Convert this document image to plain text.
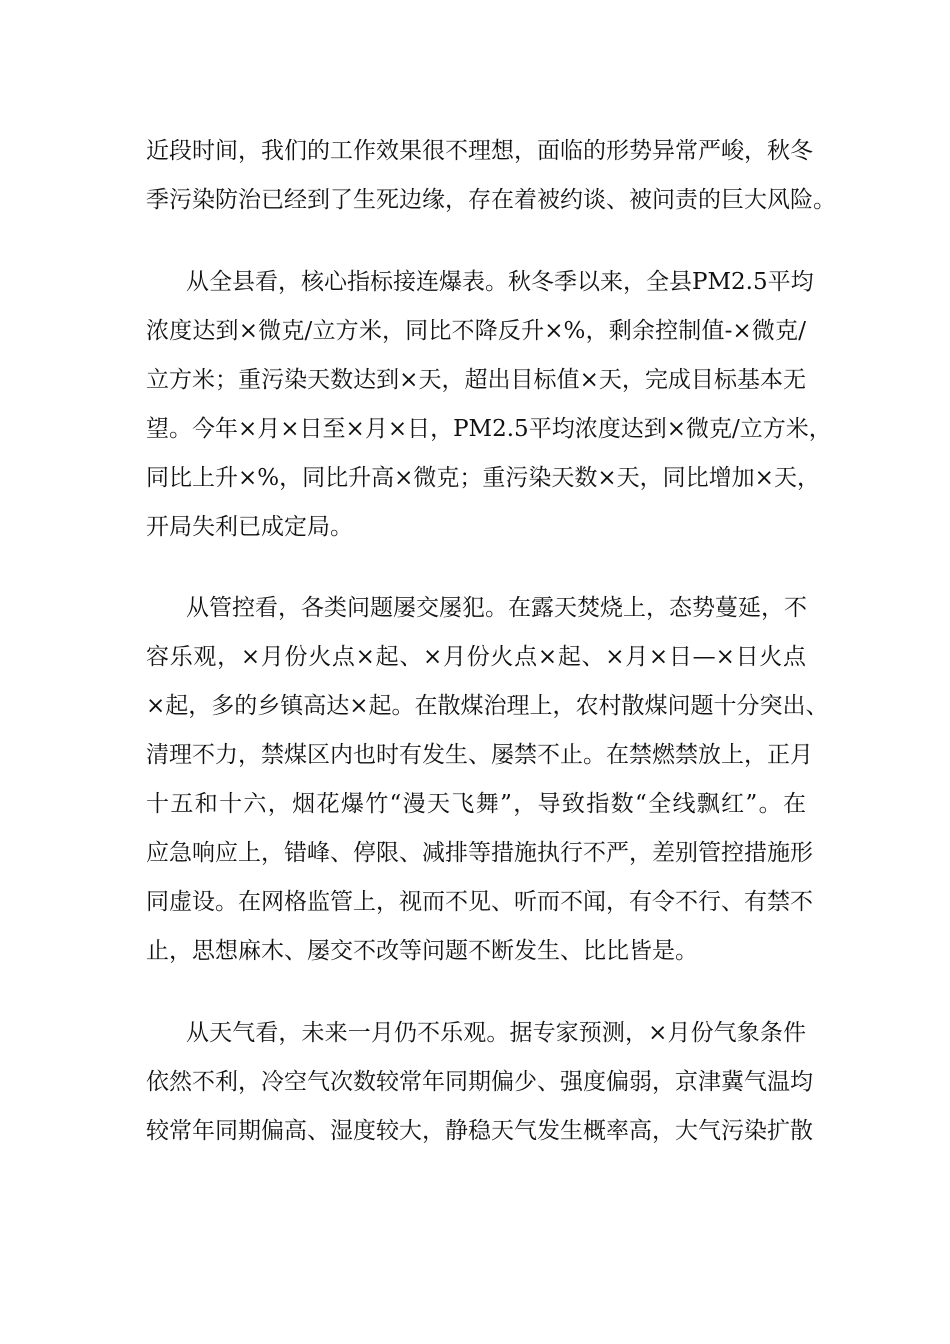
近段时间，我们的工作效果很不理想，面临的形势异常严峻，秋冬
季污染防治已经到了生死边缘，存在着被约谈、被问责的巨大风险。
从全县看，核心指标接连爆表。秋冬季以来，全县PM2.5平均
浓度达到×微克/立方米，同比不降反升×%，剩余控制值-×微克/
立方米；重污染天数达到×天，超出目标值×天，完成目标基本无
望。今年×月×日至×月×日，PM2.5平均浓度达到×微克/立方米，
同比上升×%，同比升高×微克；重污染天数×天，同比增加×天，
开局失利已成定局。
从管控看，各类问题屡交屡犯。在露天焚烧上，态势蔓延，不
容乐观，×月份火点×起、×月份火点×起、×月×日—×日火点
×起，多的乡镇高达×起。在散煤治理上，农村散煤问题十分突出、
清理不力，禁煤区内也时有发生、屡禁不止。在禁燃禁放上，正月
十五和十六，烟花爆竹“漫天飞舞”，导致指数“全线飘红”。在
应急响应上，错峰、停限、减排等措施执行不严，差别管控措施形
同虚设。在网格监管上，视而不见、听而不闻，有令不行、有禁不
止，思想麻木、屡交不改等问题不断发生、比比皆是。
从天气看，未来一月仍不乐观。据专家预测，×月份气象条件
依然不利，冷空气次数较常年同期偏少、强度偏弱，京津冀气温均
较常年同期偏高、湿度较大，静稳天气发生概率高，大气污染扩散
